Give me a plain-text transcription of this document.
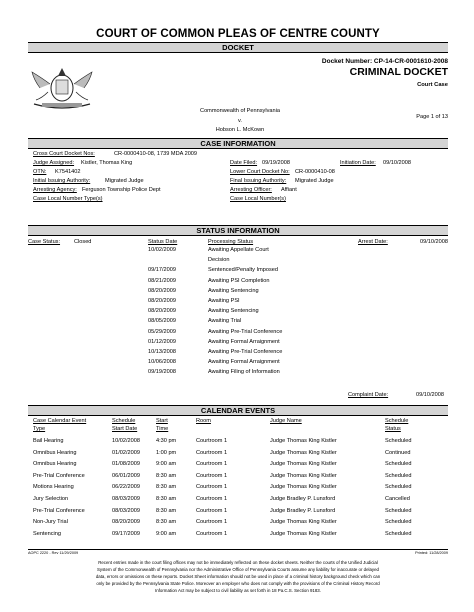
COURT OF COMMON PLEAS OF CENTRE COUNTY
DOCKET
Docket Number: CP-14-CR-0001610-2008
CRIMINAL DOCKET
Court Case
Commonwealth of Pennsylvania
v.
Hobson L. McKown
Page 1 of 13
CASE INFORMATION
Cross Court Docket Nos:	CR-0000410-08, 1739 MDA 2009
Judge Assigned: Kistler, Thomas King	Date Filed: 09/19/2008	Initiation Date: 09/10/2008
OTN: K7541402	Lower Court Docket No: CR-0000410-08
Initial Issuing Authority:	Migrated Judge	Final Issuing Authority: Migrated Judge
Arresting Agency: Ferguson Township Police Dept	Arresting Officer: Affiant
Case Local Number Type(s)	Case Local Number(s)
STATUS INFORMATION
Case Status: Closed	Status Date	Processing Status	Arrest Date:	09/10/2008
10/02/2009	Awaiting Appellate Court
Decision
09/17/2009	Sentenced/Penalty Imposed
08/21/2009	Awaiting PSI Completion
08/20/2009	Awaiting Sentencing
08/20/2009	Awaiting PSI
08/20/2009	Awaiting Sentencing
08/05/2009	Awaiting Trial
05/29/2009	Awaiting Pre-Trial Conference
01/12/2009	Awaiting Formal Arraignment
10/13/2008	Awaiting Pre-Trial Conference
10/06/2008	Awaiting Formal Arraignment
09/19/2008	Awaiting Filing of Information
Complaint Date:	09/10/2008
CALENDAR EVENTS
Case Calendar Event
Type
Schedule
Start Date
Start
Time
Room	Judge Name	Schedule
Status
Bail Hearing	10/02/2008	4:30 pm	Courtroom 1	Judge Thomas King Kistler	Scheduled
Omnibus Hearing	01/02/2009	1:00 pm	Courtroom 1	Judge Thomas King Kistler	Continued
Omnibus Hearing	01/08/2009	9:00 am	Courtroom 1	Judge Thomas King Kistler	Scheduled
Pre-Trial Conference	06/01/2009	8:30 am	Courtroom 1	Judge Thomas King Kistler	Scheduled
Motions Hearing	06/22/2009	8:30 am	Courtroom 1	Judge Thomas King Kistler	Scheduled
Jury Selection	08/03/2009	8:30 am	Courtroom 1	Judge Bradley P. Lunsford	Cancelled
Pre-Trial Conference	08/03/2009	8:30 am	Courtroom 1	Judge Bradley P. Lunsford	Scheduled
Non-Jury Trial	08/20/2009	8:30 am	Courtroom 1	Judge Thomas King Kistler	Scheduled
Sentencing	09/17/2009	9:00 am	Courtroom 1	Judge Thomas King Kistler	Scheduled
AOPC 2220 - Rev 11/29/2009	Printed: 11/28/2009
Recent entries made in the court filing offices may not be immediately reflected on these docket sheets. Neither the courts of the Unified Judicial
System of the Commonwealth of Pennsylvania nor the Administrative Office of Pennsylvania Courts assume any liability for inaccurate or delayed
data, errors or omissions on these reports. Docket Sheet information should not be used in place of a criminal history background check which can
only be provided by the Pennsylvania State Police. Moreover an employer who does not comply with the provisions of the Criminal History Record
Information Act may be subject to civil liability as set forth in 18 Pa.C.S. Section 9183.
